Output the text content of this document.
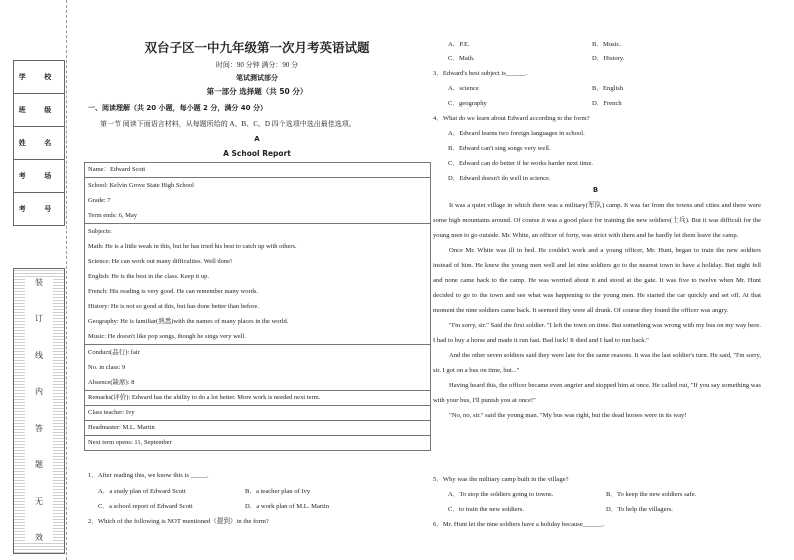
学 校
班 级
姓 名
考 场
考 号
装
订
线
内
答
题
无
效
双台子区一中九年级第一次月考英语试题
时间：90 分钟 满分：90 分
笔试测试部分
第一部分 选择题（共 50 分）
一、阅读理解（共 20 小题，每小题 2 分，满分 40 分）
第一节 阅读下面语言材料，从每题所给的 A、B、C、D 四个选项中选出最佳选项。
A
A School Report
Name：Edward Scott

School: Kelvin Grove State High School
Grade: 7
Term ends: 6, May

Subjects:
Math: He is a little weak in this, but he has tried his best to catch up with others.
Science: He can work out many difficulties. Well done!
English: He is the best in the class. Keep it up.
French: His reading is very good. He can remember many words.
History: He is not so good at this, but has done better than before.
Geography: He is familiar(熟悉)with the names of many places in the world.
Music: He doesn't like pop songs, though he sings very well.

Conduct(品行): fair
No. in class: 9
Absence(缺席): 8

Remarks(评价): Edward has the ability to do a lot better. More work is needed next term.
Class teacher: Ivy
Headmaster: M.L. Martin
Next term opens: 11, September
1．After reading this, we know this is _____.
A．a study plan of Edward Scott	B．a teacher plan of Ivy
C．a school report of Edward Scott	D．a work plan of M.L. Martin
2．Which of the following is NOT mentioned（提到）in the form?
A．P.E.	B．Music.
C．Math.	D．History.
3．Edward's best subject is______.
A．science	B．English
C．geography	D．French
4．What do we learn about Edward according to the form?
A．Edward learns two foreign languages in school.
B．Edward can't sing songs very well.
C．Edward can do better if he works harder next time.
D．Edward doesn't do well in science.
B
It was a quiet village in which there was a military(军队) camp. It was far from the towns and cities and there were some high mountains around. Of course it was a good place for training the new soldiers(士兵). But it was difficult for the young men to go outside. Mr. White, an officer of forty, was strict with them and he hardly let them leave the camp.
Once Mr. White was ill in bed. He couldn't work and a young officer, Mr. Hunt, began to train the new soldiers instead of him. He knew the young men well and let nine soldiers go to the nearest town to have a holiday. But night fell and none came back to the camp. He was worried about it and stood at the gate. It was five to twelve when Mr. Hunt decided to go to the town and see what was happening to the young men. He started the car quickly and set off. At that moment the nine soldiers came back. It seemed they were all drunk. Of course they found the officer was angry.
"I'm sorry, sir." Said the first soldier. "I left the town on time. But something was wrong with my bus on my way here. I had to buy a horse and made it run fast. Bad luck! It died and I had to run back."
And the other seven soldiers said they were late for the same reasons. It was the last soldier's turn. He said, "I'm sorry, sir. I got on a bus on time, but..."
Having heard this, the officer became even angrier and stopped him at once. He called out, "If you say something was with your bus, I'll punish you at once!"
"No, no, sir." said the young man. "My bus was right, but the dead horses were in its way!
5．Why was the military camp built in the village?
A．To stop the soldiers going to towns.	B．To keep the new soldiers safe.
C．to train the new soldiers.	D．To help the villagers.
6．Mr. Hunt let the nine soldiers have a holiday because______.
